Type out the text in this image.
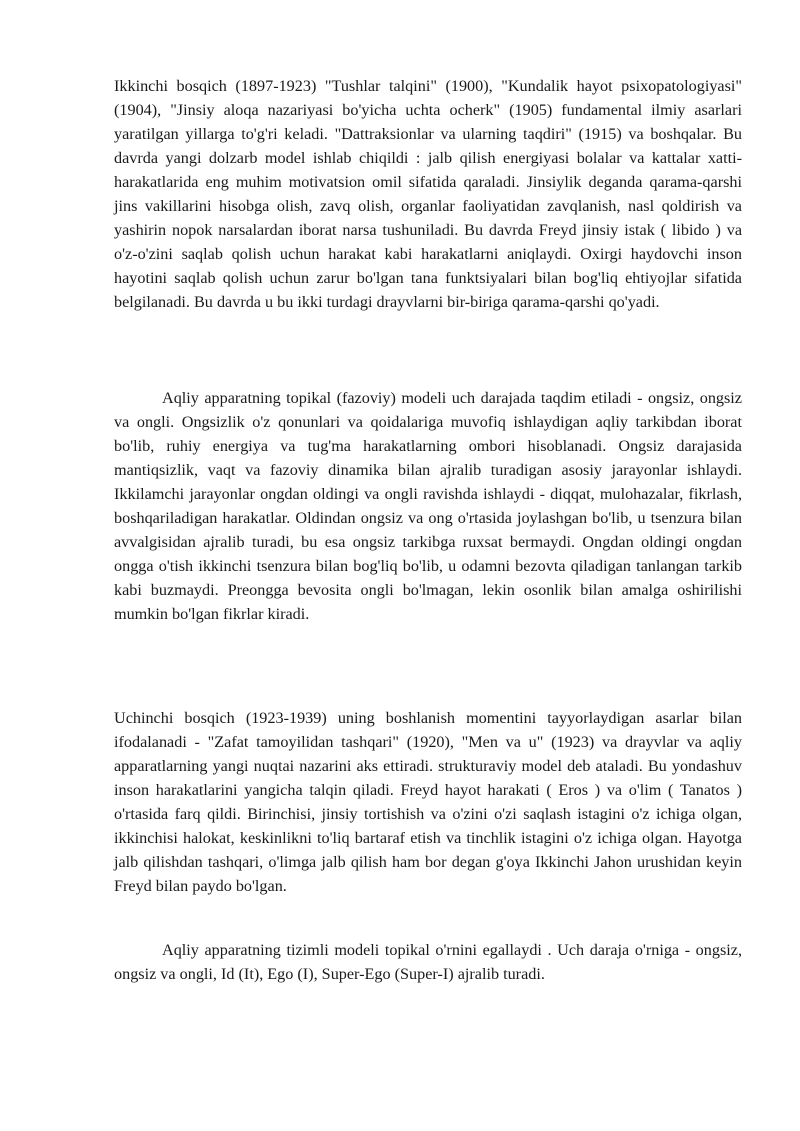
Ikkinchi bosqich (1897-1923) "Tushlar talqini" (1900), "Kundalik hayot psixopatologiyasi" (1904), "Jinsiy aloqa nazariyasi bo'yicha uchta ocherk" (1905) fundamental ilmiy asarlari yaratilgan yillarga to'g'ri keladi. "Dattraksionlar va ularning taqdiri" (1915) va boshqalar. Bu davrda yangi dolzarb model ishlab chiqildi : jalb qilish energiyasi bolalar va kattalar xatti-harakatlarida eng muhim motivatsion omil sifatida qaraladi. Jinsiylik deganda qarama-qarshi jins vakillarini hisobga olish, zavq olish, organlar faoliyatidan zavqlanish, nasl qoldirish va yashirin nopok narsalardan iborat narsa tushuniladi. Bu davrda Freyd jinsiy istak ( libido ) va o'z-o'zini saqlab qolish uchun harakat kabi harakatlarni aniqlaydi. Oxirgi haydovchi inson hayotini saqlab qolish uchun zarur bo'lgan tana funktsiyalari bilan bog'liq ehtiyojlar sifatida belgilanadi. Bu davrda u bu ikki turdagi drayvlarni bir-biriga qarama-qarshi qo'yadi.

Aqliy apparatning topikal (fazoviy) modeli uch darajada taqdim etiladi - ongsiz, ongsiz va ongli. Ongsizlik o'z qonunlari va qoidalariga muvofiq ishlaydigan aqliy tarkibdan iborat bo'lib, ruhiy energiya va tug'ma harakatlarning ombori hisoblanadi. Ongsiz darajasida mantiqsizlik, vaqt va fazoviy dinamika bilan ajralib turadigan asosiy jarayonlar ishlaydi. Ikkilamchi jarayonlar ongdan oldingi va ongli ravishda ishlaydi - diqqat, mulohazalar, fikrlash, boshqariladigan harakatlar. Oldindan ongsiz va ong o'rtasida joylashgan bo'lib, u tsenzura bilan avvalgisidan ajralib turadi, bu esa ongsiz tarkibga ruxsat bermaydi. Ongdan oldingi ongdan ongga o'tish ikkinchi tsenzura bilan bog'liq bo'lib, u odamni bezovta qiladigan tanlangan tarkib kabi buzmaydi. Preongga bevosita ongli bo'lmagan, lekin osonlik bilan amalga oshirilishi mumkin bo'lgan fikrlar kiradi.

Uchinchi bosqich (1923-1939) uning boshlanish momentini tayyorlaydigan asarlar bilan ifodalanadi - "Zafat tamoyilidan tashqari" (1920), "Men va u" (1923) va drayvlar va aqliy apparatlarning yangi nuqtai nazarini aks ettiradi. strukturaviy model deb ataladi. Bu yondashuv inson harakatlarini yangicha talqin qiladi. Freyd hayot harakati ( Eros ) va o'lim ( Tanatos ) o'rtasida farq qildi. Birinchisi, jinsiy tortishish va o'zini o'zi saqlash istagini o'z ichiga olgan, ikkinchisi halokat, keskinlikni to'liq bartaraf etish va tinchlik istagini o'z ichiga olgan. Hayotga jalb qilishdan tashqari, o'limga jalb qilish ham bor degan g'oya Ikkinchi Jahon urushidan keyin Freyd bilan paydo bo'lgan.

Aqliy apparatning tizimli modeli topikal o'rnini egallaydi . Uch daraja o'rniga - ongsiz, ongsiz va ongli, Id (It), Ego (I), Super-Ego (Super-I) ajralib turadi.
